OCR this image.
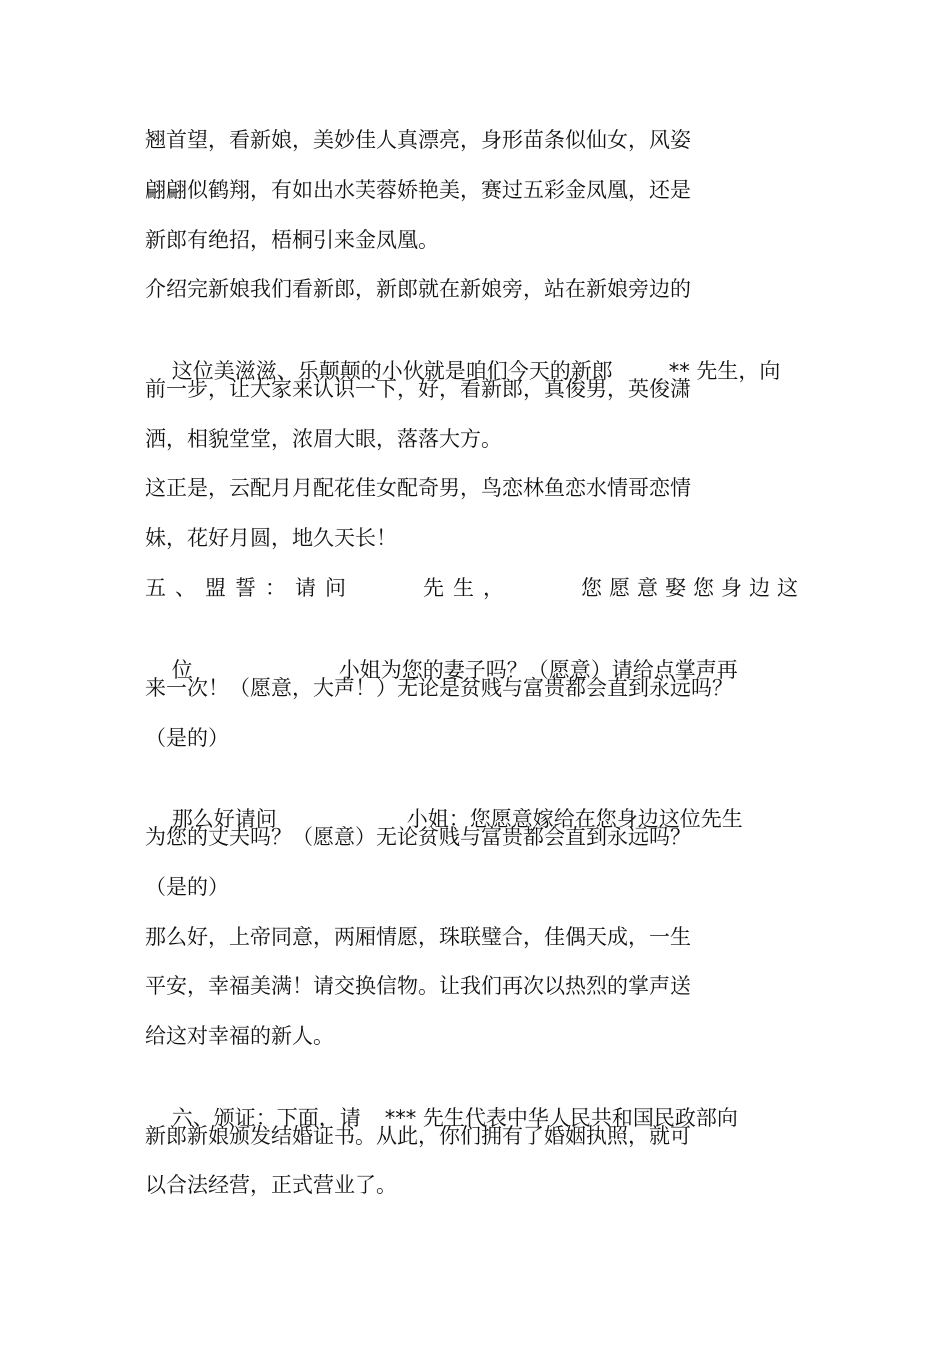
翘首望，看新娘，美妙佳人真漂亮，身形苗条似仙女，风姿
翩翩似鹤翔，有如出水芙蓉娇艳美，赛过五彩金凤凰，还是
新郎有绝招，梧桐引来金凤凰。
介绍完新娘我们看新郎，新郎就在新娘旁，站在新娘旁边的

这位美滋滋、乐颠颠的小伙就是咱们今天的新郎	** 先生，向

前一步，让大家来认识一下，好，看新郎，真俊男，英俊潇
洒，相貌堂堂，浓眉大眼，落落大方。
这正是，云配月月配花佳女配奇男，鸟恋林鱼恋水情哥恋情
妹，花好月圆，地久天长！
五、盟誓：请问	先生，	您愿意娶您身边这

位	小姐为您的妻子吗？（愿意）请给点掌声再

来一次！（愿意，大声！）无论是贫贱与富贵都会直到永远吗？
（是的）

那么好请问	小姐：您愿意嫁给在您身边这位先生

为您的丈夫吗？（愿意）无论贫贱与富贵都会直到永远吗？
（是的）
那么好，上帝同意，两厢情愿，珠联璧合，佳偶天成，一生
平安，幸福美满！请交换信物。让我们再次以热烈的掌声送
给这对幸福的新人。

六、颁证：下面，请 *** 先生代表中华人民共和国民政部向

新郎新娘颁发结婚证书。从此，你们拥有了婚姻执照，就可
以合法经营，正式营业了。
